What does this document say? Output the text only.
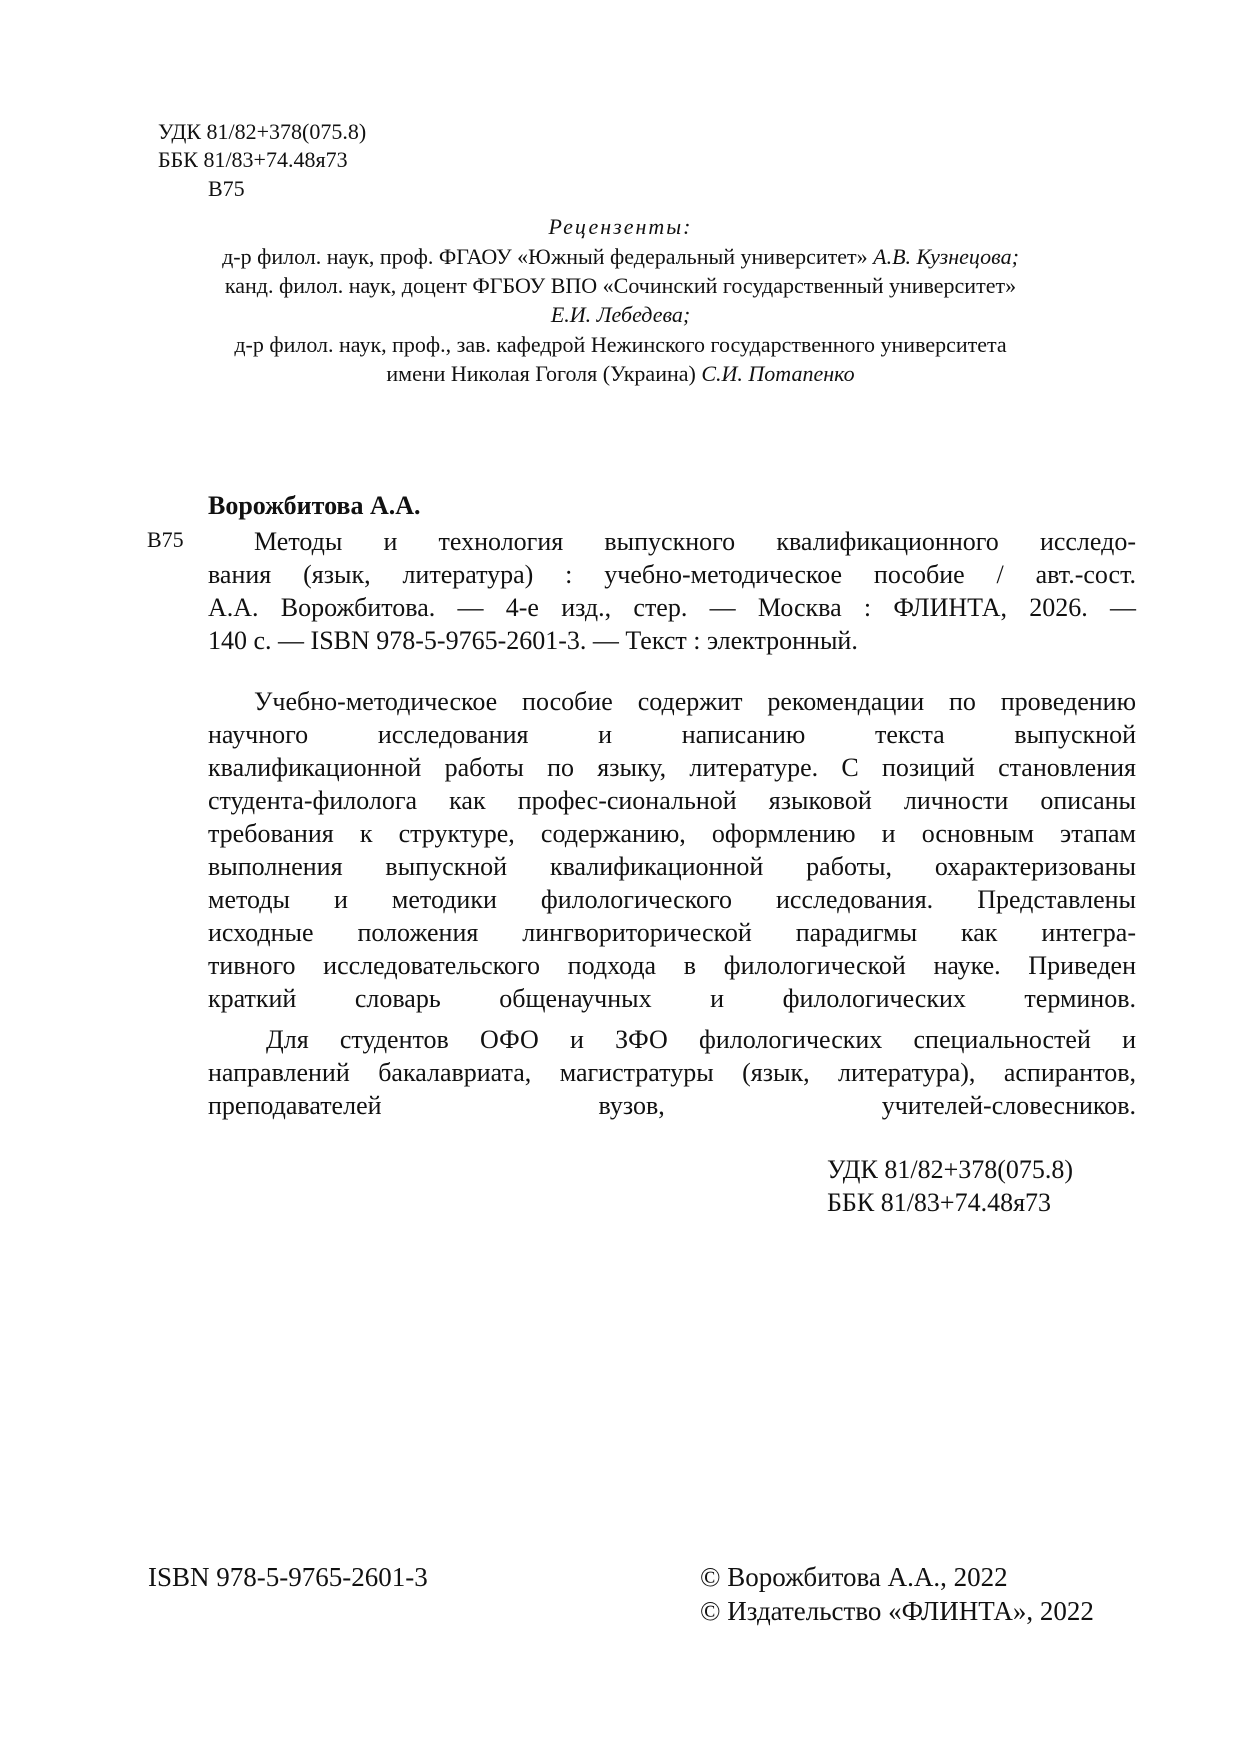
УДК 81/82+378(075.8)
ББК 81/83+74.48я73
В75
Рецензенты:
д-р филол. наук, проф. ФГАОУ «Южный федеральный университет» А.В. Кузнецова;
канд. филол. наук, доцент ФГБОУ ВПО «Сочинский государственный университет»
Е.И. Лебедева;
д-р филол. наук, проф., зав. кафедрой Нежинского государственного университета
имени Николая Гоголя (Украина) С.И. Потапенко
Ворожбитова А.А.
В75	Методы и технология выпускного квалификационного исследо-
вания (язык, литература) : учебно-методическое пособие / авт.-сост.
А.А. Ворожбитова. — 4-е изд., стер. — Москва : ФЛИНТА, 2026. —
140 с. — ISBN 978-5-9765-2601-3. — Текст : электронный.
Учебно-методическое пособие содержит рекомендации по проведению
научного исследования и написанию текста выпускной
квалификационной работы по языку, литературе. С позиций становления
студента-филолога как профес-сиональной языковой личности описаны
требования к структуре, содержанию, оформлению и основным этапам
выполнения выпускной квалификационной работы, охарактеризованы
методы и методики филологического исследования. Представлены
исходные положения лингвориторической парадигмы как интегра-
тивного исследовательского подхода в филологической науке. Приведен
краткий словарь общенаучных и филологических терминов.
Для студентов ОФО и ЗФО филологических специальностей и
направлений бакалавриата, магистратуры (язык, литература), аспирантов,
преподавателей вузов, учителей-словесников.
УДК 81/82+378(075.8)
ББК 81/83+74.48я73
ISBN 978-5-9765-2601-3	© Ворожбитова А.А., 2022
© Издательство «ФЛИНТА», 2022
